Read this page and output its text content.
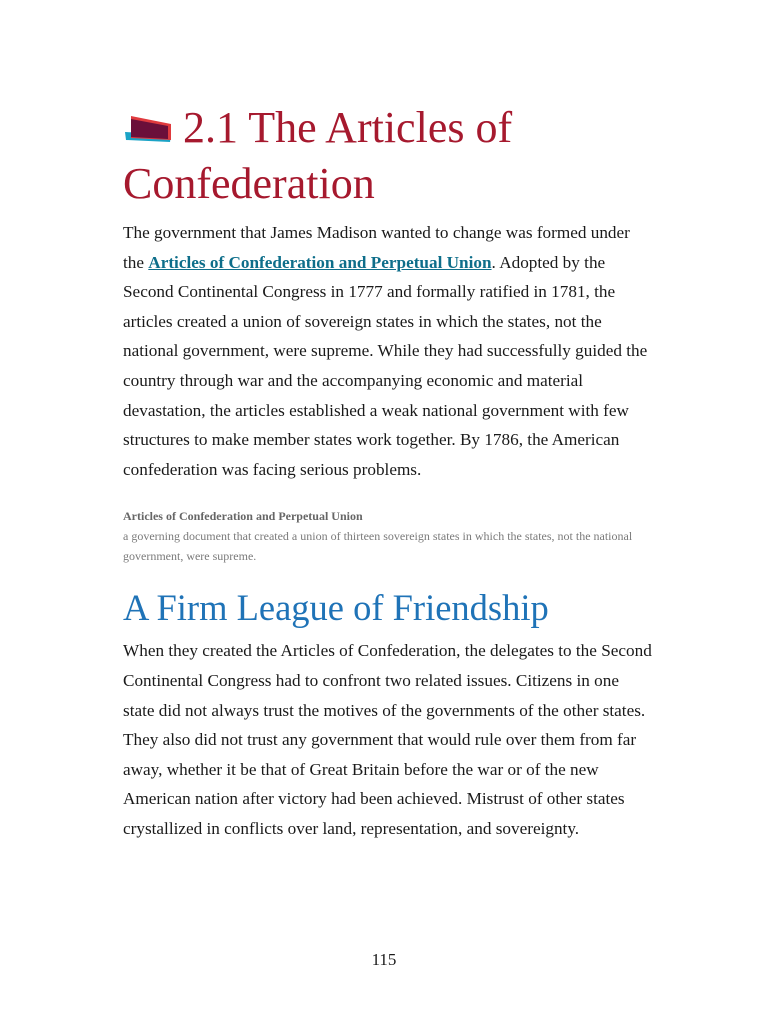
2.1 The Articles of Confederation

The government that James Madison wanted to change was formed under the Articles of Confederation and Perpetual Union. Adopted by the Second Continental Congress in 1777 and formally ratified in 1781, the articles created a union of sovereign states in which the states, not the national government, were supreme. While they had successfully guided the country through war and the accompanying economic and material devastation, the articles established a weak national government with few structures to make member states work together. By 1786, the American confederation was facing serious problems.

Articles of Confederation and Perpetual Union
a governing document that created a union of thirteen sovereign states in which the states, not the national government, were supreme.
A Firm League of Friendship

When they created the Articles of Confederation, the delegates to the Second Continental Congress had to confront two related issues. Citizens in one state did not always trust the motives of the governments of the other states. They also did not trust any government that would rule over them from far away, whether it be that of Great Britain before the war or of the new American nation after victory had been achieved. Mistrust of other states crystallized in conflicts over land, representation, and sovereignty.

115
